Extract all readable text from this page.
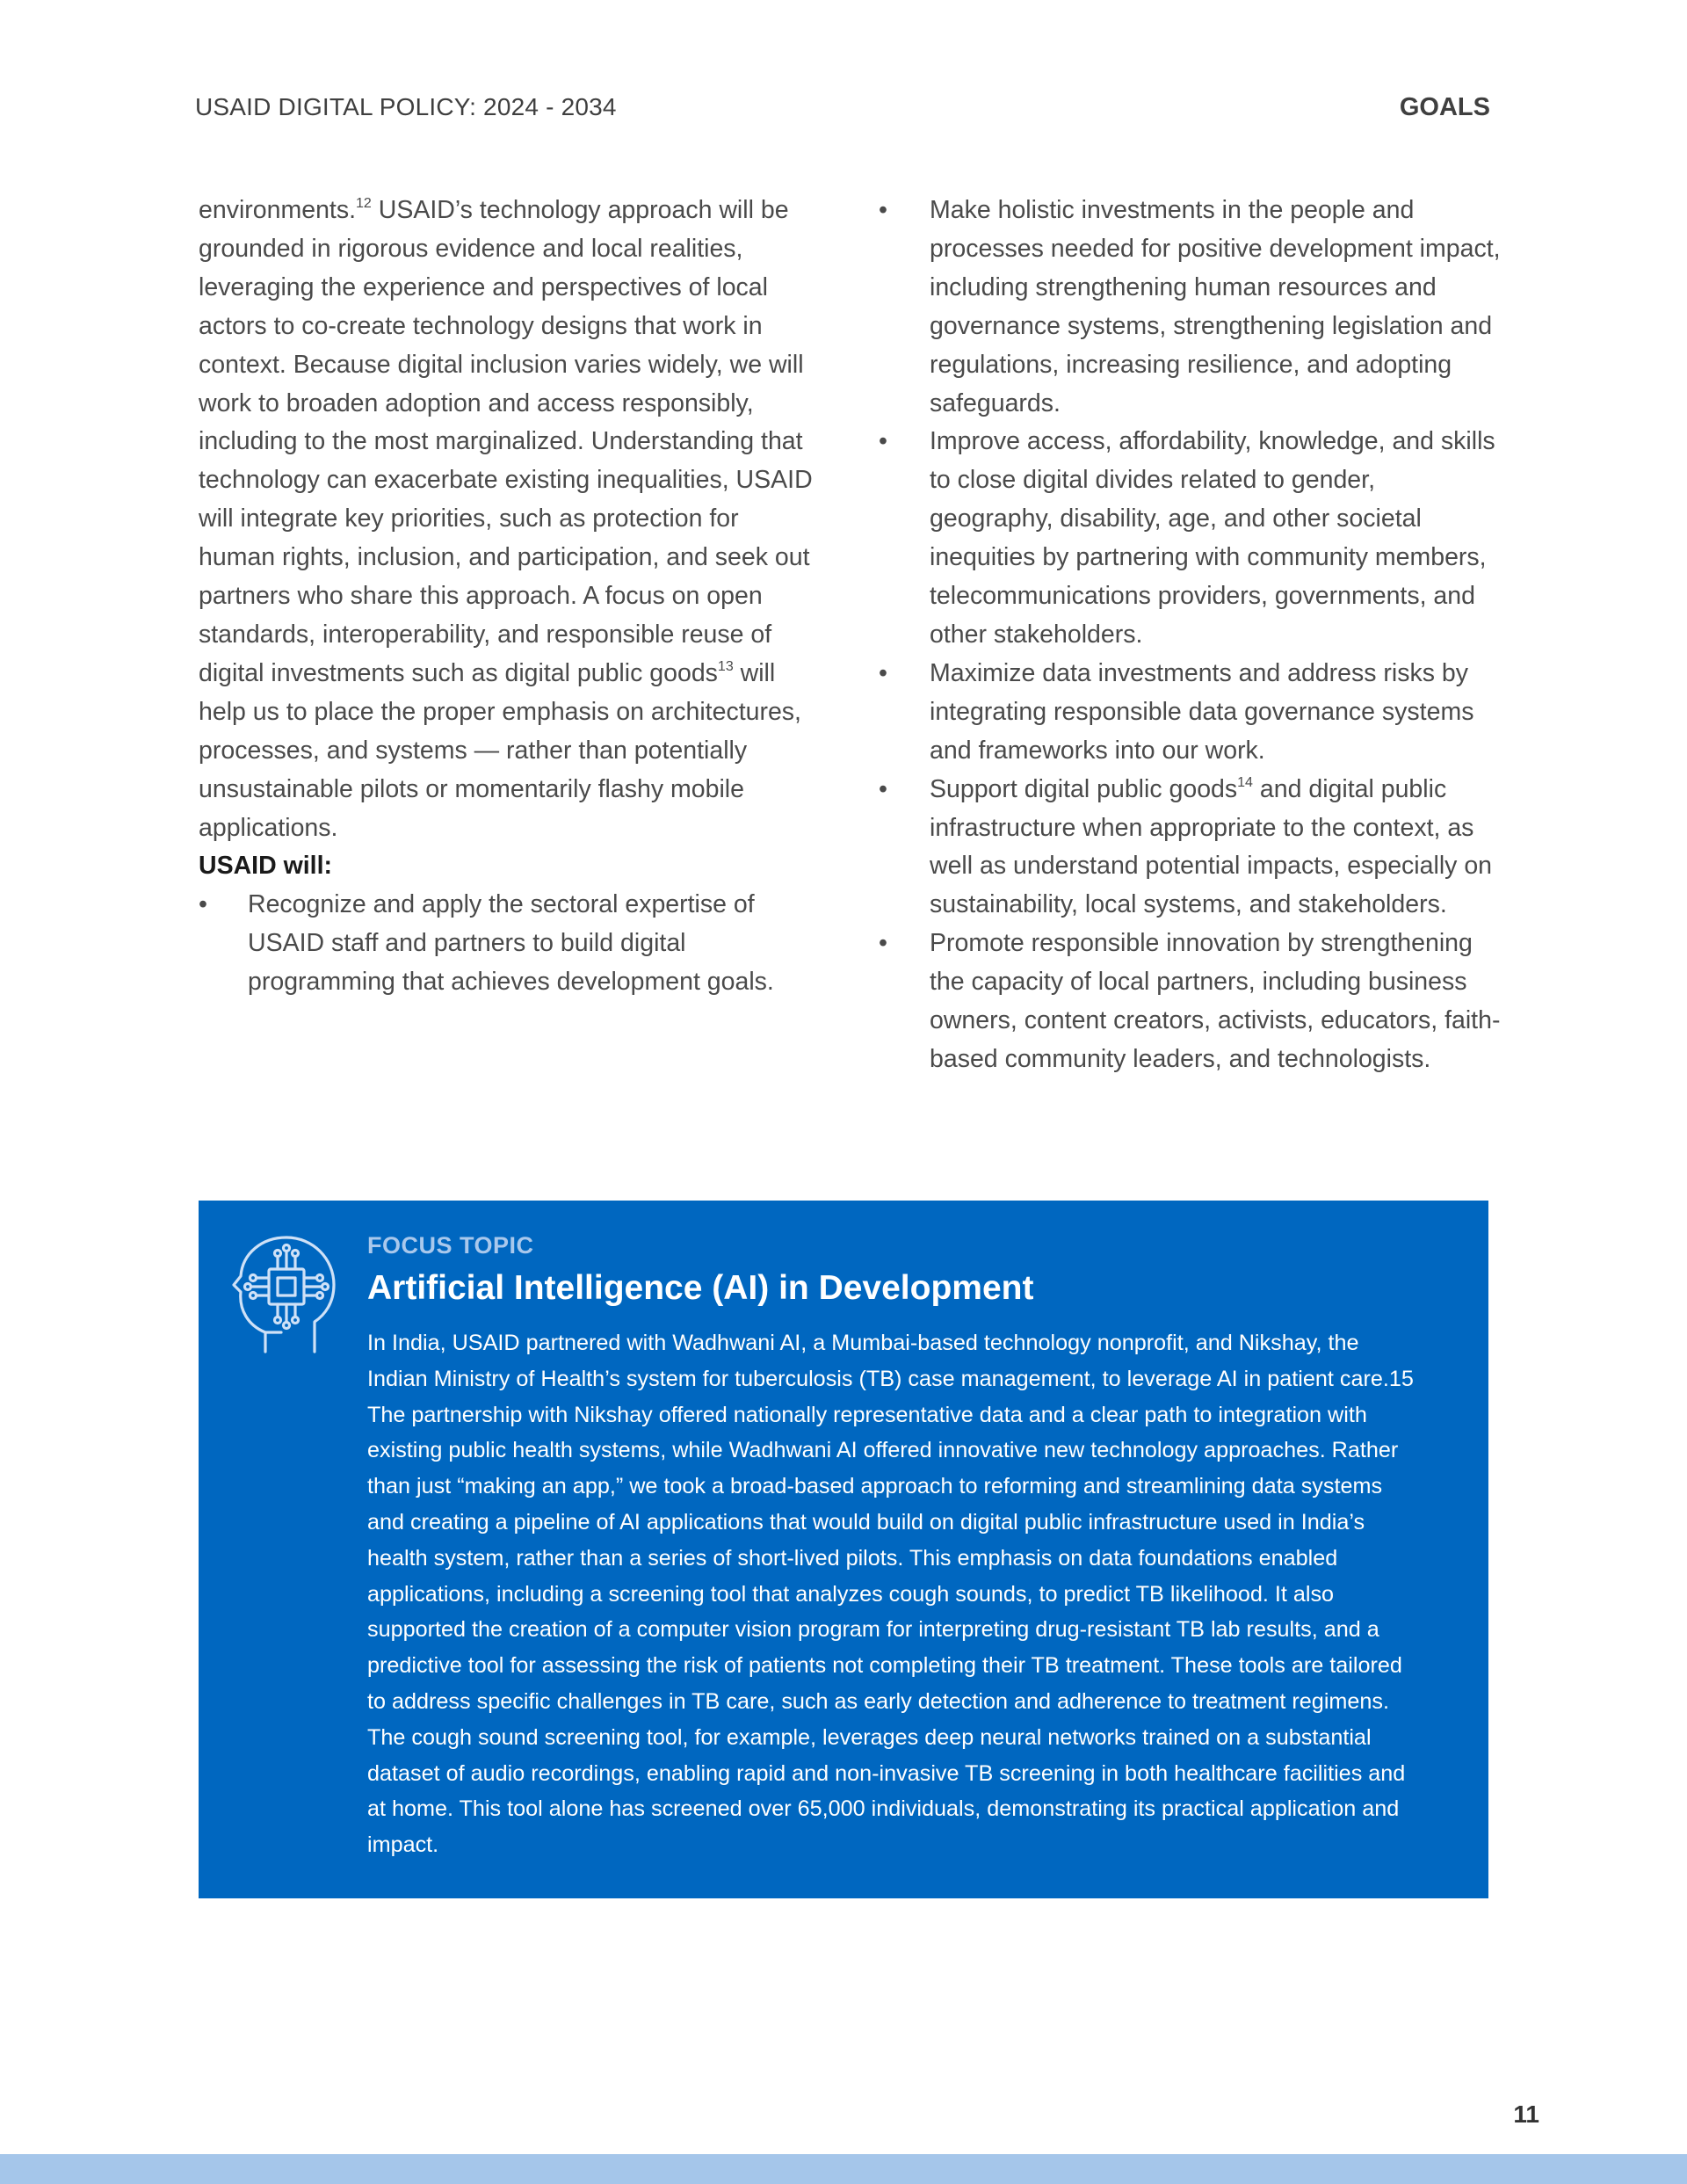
USAID DIGITAL POLICY: 2024 - 2034	GOALS

environments.$^{12}$ USAID’s technology approach will be grounded in rigorous evidence and local realities, leveraging the experience and perspectives of local actors to co-create technology designs that work in context. Because digital inclusion varies widely, we will work to broaden adoption and access responsibly, including to the most marginalized. Understanding that technology can exacerbate existing inequalities, USAID will integrate key priorities, such as protection for human rights, inclusion, and participation, and seek out partners who share this approach. A focus on open standards, interoperability, and responsible reuse of digital investments such as digital public goods$^{13}$ will help us to place the proper emphasis on architectures, processes, and systems — rather than potentially unsustainable pilots or momentarily flashy mobile applications.

USAID will:

• Recognize and apply the sectoral expertise of USAID staff and partners to build digital programming that achieves development goals.
• Make holistic investments in the people and processes needed for positive development impact, including strengthening human resources and governance systems, strengthening legislation and regulations, increasing resilience, and adopting safeguards.
• Improve access, affordability, knowledge, and skills to close digital divides related to gender, geography, disability, age, and other societal inequities by partnering with community members, telecommunications providers, governments, and other stakeholders.
• Maximize data investments and address risks by integrating responsible data governance systems and frameworks into our work.
• Support digital public goods$^{14}$ and digital public infrastructure when appropriate to the context, as well as understand potential impacts, especially on sustainability, local systems, and stakeholders.
• Promote responsible innovation by strengthening the capacity of local partners, including business owners, content creators, activists, educators, faith-based community leaders, and technologists.
FOCUS TOPIC
Artificial Intelligence (AI) in Development

In India, USAID partnered with Wadhwani AI, a Mumbai-based technology nonprofit, and Nikshay, the Indian Ministry of Health’s system for tuberculosis (TB) case management, to leverage AI in patient care.15 The partnership with Nikshay offered nationally representative data and a clear path to integration with existing public health systems, while Wadhwani AI offered innovative new technology approaches. Rather than just “making an app,” we took a broad-based approach to reforming and streamlining data systems and creating a pipeline of AI applications that would build on digital public infrastructure used in India’s health system, rather than a series of short-lived pilots. This emphasis on data foundations enabled applications, including a screening tool that analyzes cough sounds, to predict TB likelihood. It also supported the creation of a computer vision program for interpreting drug-resistant TB lab results, and a predictive tool for assessing the risk of patients not completing their TB treatment. These tools are tailored to address specific challenges in TB care, such as early detection and adherence to treatment regimens. The cough sound screening tool, for example, leverages deep neural networks trained on a substantial dataset of audio recordings, enabling rapid and non-invasive TB screening in both healthcare facilities and at home. This tool alone has screened over 65,000 individuals, demonstrating its practical application and impact.

11
